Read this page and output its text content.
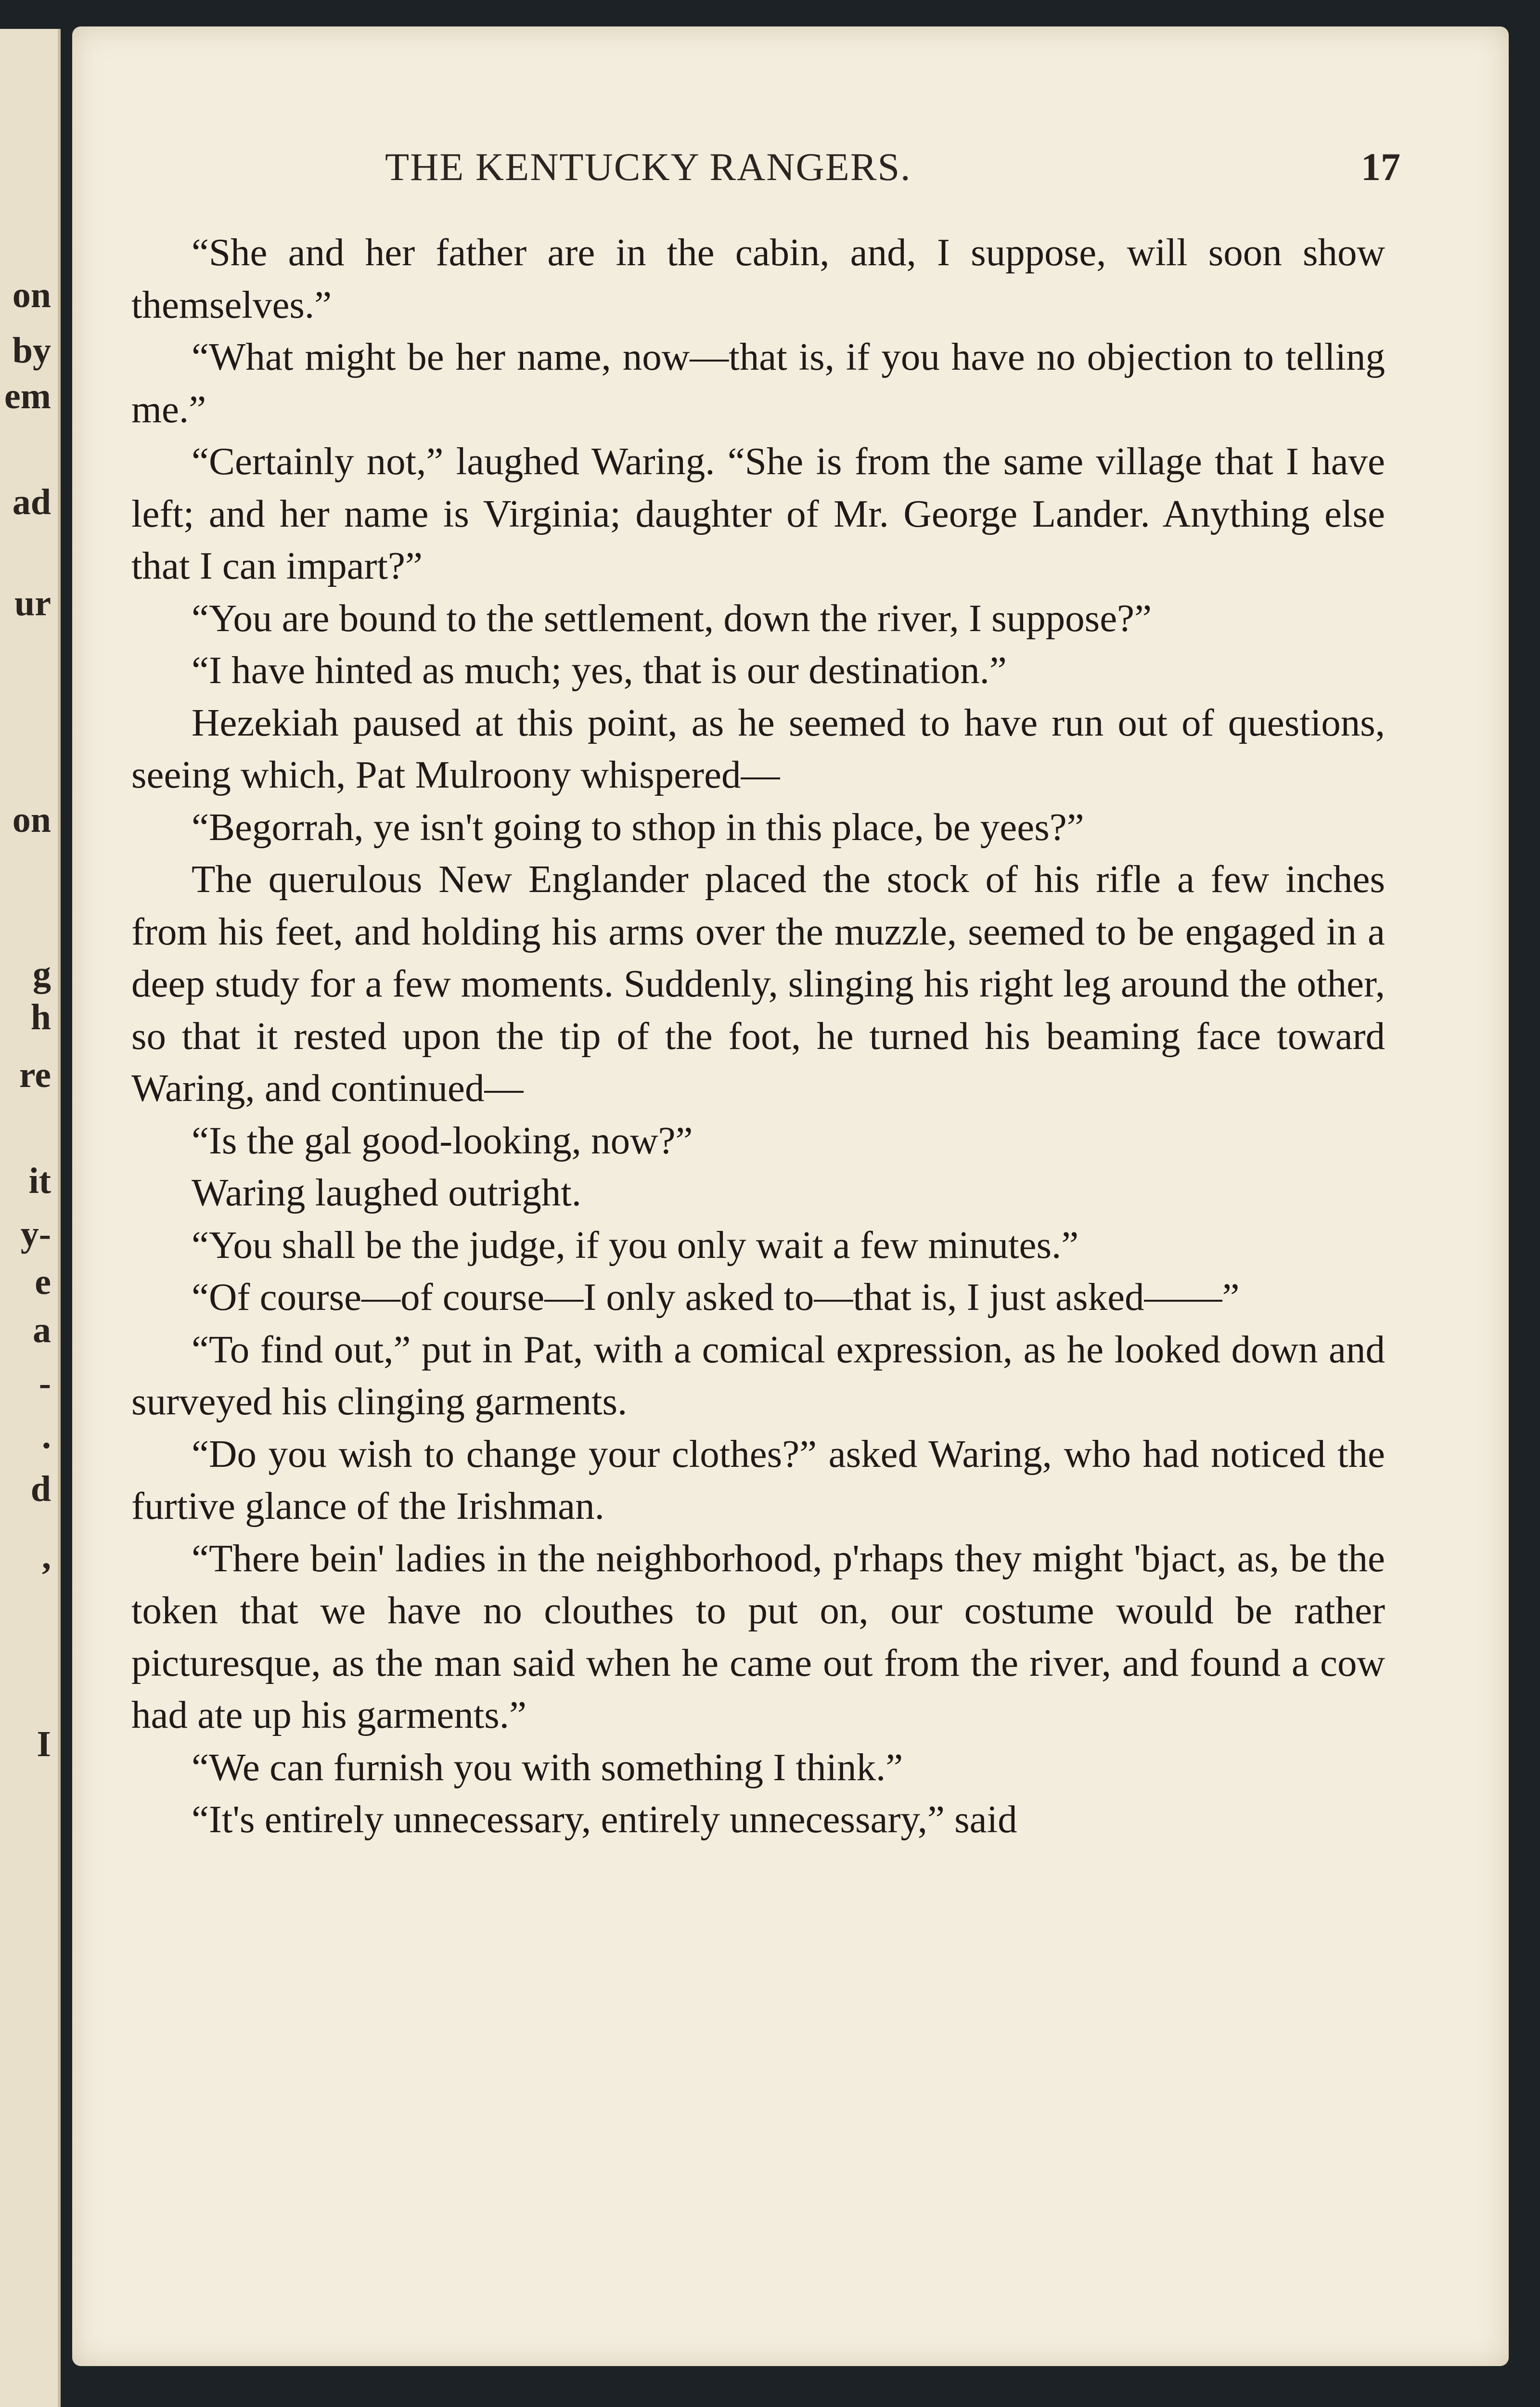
on
by
em
ad
ur
on
g
h
re
it
y-
e
a
-
.
d
,
I
THE KENTUCKY RANGERS.	17

“She and her father are in the cabin, and, I suppose, will soon show themselves.”

“What might be her name, now—that is, if you have no objection to telling me.”

“Certainly not,” laughed Waring. “She is from the same village that I have left; and her name is Virginia; daughter of Mr. George Lander. Anything else that I can impart?”

“You are bound to the settlement, down the river, I suppose?”

“I have hinted as much; yes, that is our destination.”

Hezekiah paused at this point, as he seemed to have run out of questions, seeing which, Pat Mulroony whispered—

“Begorrah, ye isn't going to sthop in this place, be yees?”

The querulous New Englander placed the stock of his rifle a few inches from his feet, and holding his arms over the muzzle, seemed to be engaged in a deep study for a few moments. Suddenly, slinging his right leg around the other, so that it rested upon the tip of the foot, he turned his beaming face toward Waring, and continued—

“Is the gal good-looking, now?”

Waring laughed outright.

“You shall be the judge, if you only wait a few minutes.”

“Of course—of course—I only asked to—that is, I just asked——”

“To find out,” put in Pat, with a comical expression, as he looked down and surveyed his clinging garments.

“Do you wish to change your clothes?” asked Waring, who had noticed the furtive glance of the Irishman.

“There bein' ladies in the neighborhood, p'rhaps they might 'bjact, as, be the token that we have no clouthes to put on, our costume would be rather picturesque, as the man said when he came out from the river, and found a cow had ate up his garments.”

“We can furnish you with something I think.”

“It's entirely unnecessary, entirely unnecessary,” said
